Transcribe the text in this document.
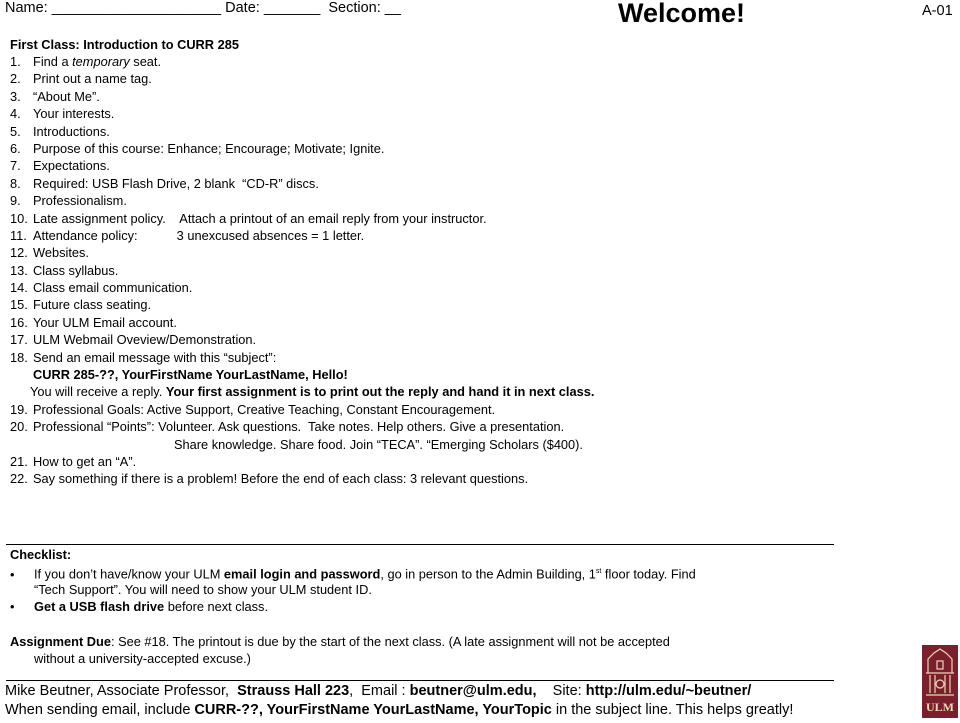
Name: _____________________ Date: _______ Section: __	Welcome!	A-01
First Class: Introduction to CURR 285
1. Find a temporary seat.
2. Print out a name tag.
3. “About Me”.
4. Your interests.
5. Introductions.
6. Purpose of this course: Enhance; Encourage; Motivate; Ignite.
7. Expectations.
8. Required: USB Flash Drive, 2 blank  “CD-R” discs.
9. Professionalism.
10. Late assignment policy.    Attach a printout of an email reply from your instructor.
11. Attendance policy:           3 unexcused absences = 1 letter.
12. Websites.
13. Class syllabus.
14. Class email communication.
15. Future class seating.
16. Your ULM Email account.
17. ULM Webmail Oveview/Demonstration.
18. Send an email message with this “subject”:
CURR 285-??, YourFirstName YourLastName, Hello!
You will receive a reply. Your first assignment is to print out the reply and hand it in next class.
19. Professional Goals: Active Support, Creative Teaching, Constant Encouragement.
20. Professional “Points”: Volunteer. Ask questions.  Take notes. Help others. Give a presentation.
Share knowledge. Share food. Join “TECA”. “Emerging Scholars ($400).
21. How to get an “A”.
22. Say something if there is a problem! Before the end of each class: 3 relevant questions.
Checklist:
• If you don’t have/know your ULM email login and password, go in person to the Admin Building, 1st floor today. Find
“Tech Support”. You will need to show your ULM student ID.
• Get a USB flash drive before next class.
Assignment Due: See #18. The printout is due by the start of the next class. (A late assignment will not be accepted
without a university-accepted excuse.)
Mike Beutner, Associate Professor,  Strauss Hall 223,  Email : beutner@ulm.edu,    Site: http://ulm.edu/~beutner/
When sending email, include CURR-??, YourFirstName YourLastName, YourTopic in the subject line. This helps greatly!	ULM
